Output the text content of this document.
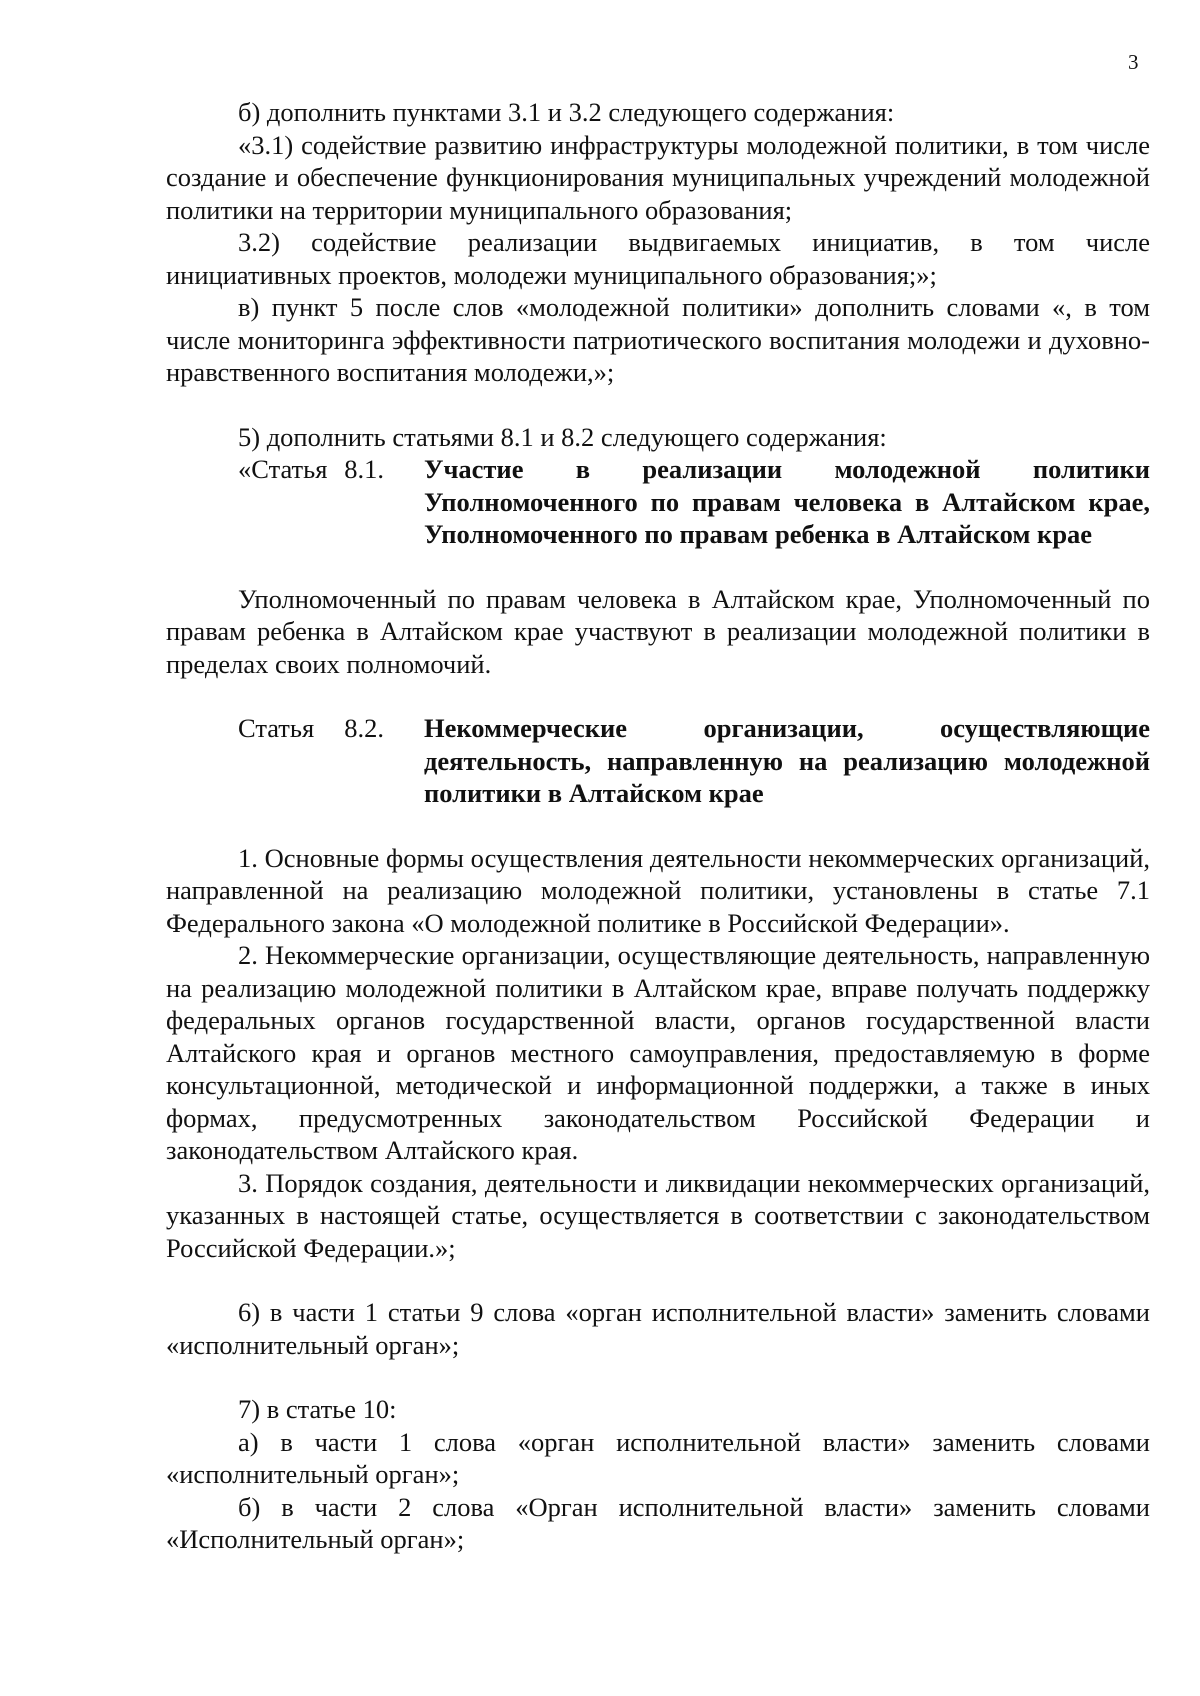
3

б) дополнить пунктами 3.1 и 3.2 следующего содержания:

«3.1) содействие развитию инфраструктуры молодежной политики, в том числе создание и обеспечение функционирования муниципальных учреждений молодежной политики на территории муниципального образования;

3.2) содействие реализации выдвигаемых инициатив, в том числе инициативных проектов, молодежи муниципального образования;»;

в) пункт 5 после слов «молодежной политики» дополнить словами «, в том числе мониторинга эффективности патриотического воспитания молодежи и духовно-нравственного воспитания молодежи,»;

5) дополнить статьями 8.1 и 8.2 следующего содержания:

«Статья 8.1. Участие в реализации молодежной политики Уполномоченного по правам человека в Алтайском крае, Уполномоченного по правам ребенка в Алтайском крае

Уполномоченный по правам человека в Алтайском крае, Уполномоченный по правам ребенка в Алтайском крае участвуют в реализации молодежной политики в пределах своих полномочий.

Статья 8.2. Некоммерческие организации, осуществляющие деятельность, направленную на реализацию молодежной политики в Алтайском крае

1. Основные формы осуществления деятельности некоммерческих организаций, направленной на реализацию молодежной политики, установлены в статье 7.1 Федерального закона «О молодежной политике в Российской Федерации».

2. Некоммерческие организации, осуществляющие деятельность, направленную на реализацию молодежной политики в Алтайском крае, вправе получать поддержку федеральных органов государственной власти, органов государственной власти Алтайского края и органов местного самоуправления, предоставляемую в форме консультационной, методической и информационной поддержки, а также в иных формах, предусмотренных законодательством Российской Федерации и законодательством Алтайского края.

3. Порядок создания, деятельности и ликвидации некоммерческих организаций, указанных в настоящей статье, осуществляется в соответствии с законодательством Российской Федерации.»;

6) в части 1 статьи 9 слова «орган исполнительной власти» заменить словами «исполнительный орган»;

7) в статье 10:

а) в части 1 слова «орган исполнительной власти» заменить словами «исполнительный орган»;

б) в части 2 слова «Орган исполнительной власти» заменить словами «Исполнительный орган»;
